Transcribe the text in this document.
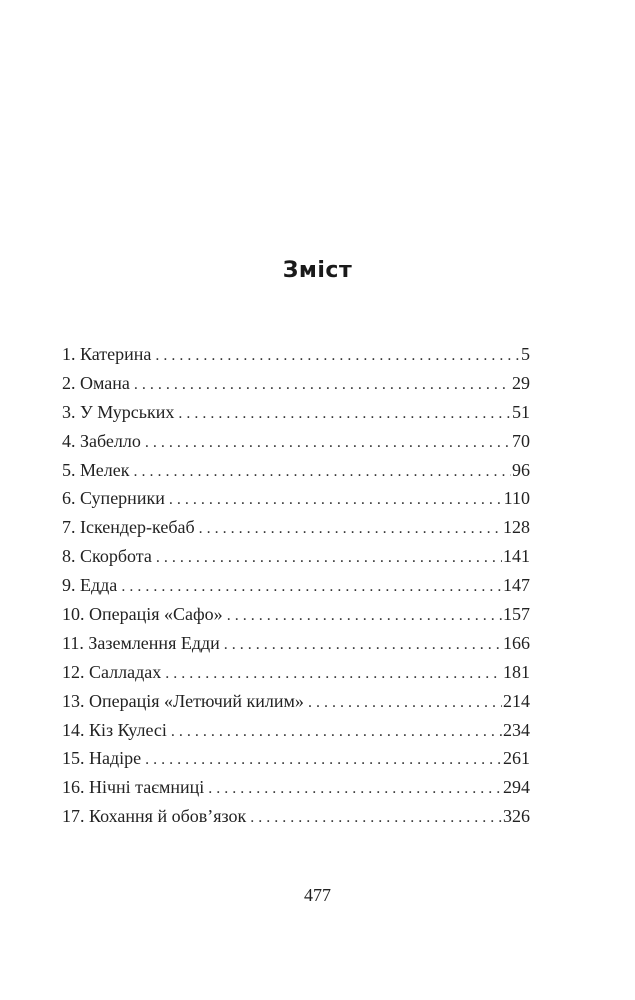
Зміст
1. Катерина . . .	5
2. Омана . . .	29
3. У Мурських . . .	51
4. Забелло . . .	70
5. Мелек . . .	96
6. Суперники . . .	110
7. Іскендер-кебаб . . .	128
8. Скорбота . . .	141
9. Едда . . .	147
10. Операція «Сафо» . . .	157
11. Заземлення Едди . . .	166
12. Салладах . . .	181
13. Операція «Летючий килим» . . .	214
14. Кіз Кулесі . . .	234
15. Надіре . . .	261
16. Нічні таємниці . . .	294
17. Кохання й обов’язок . . .	326
477
